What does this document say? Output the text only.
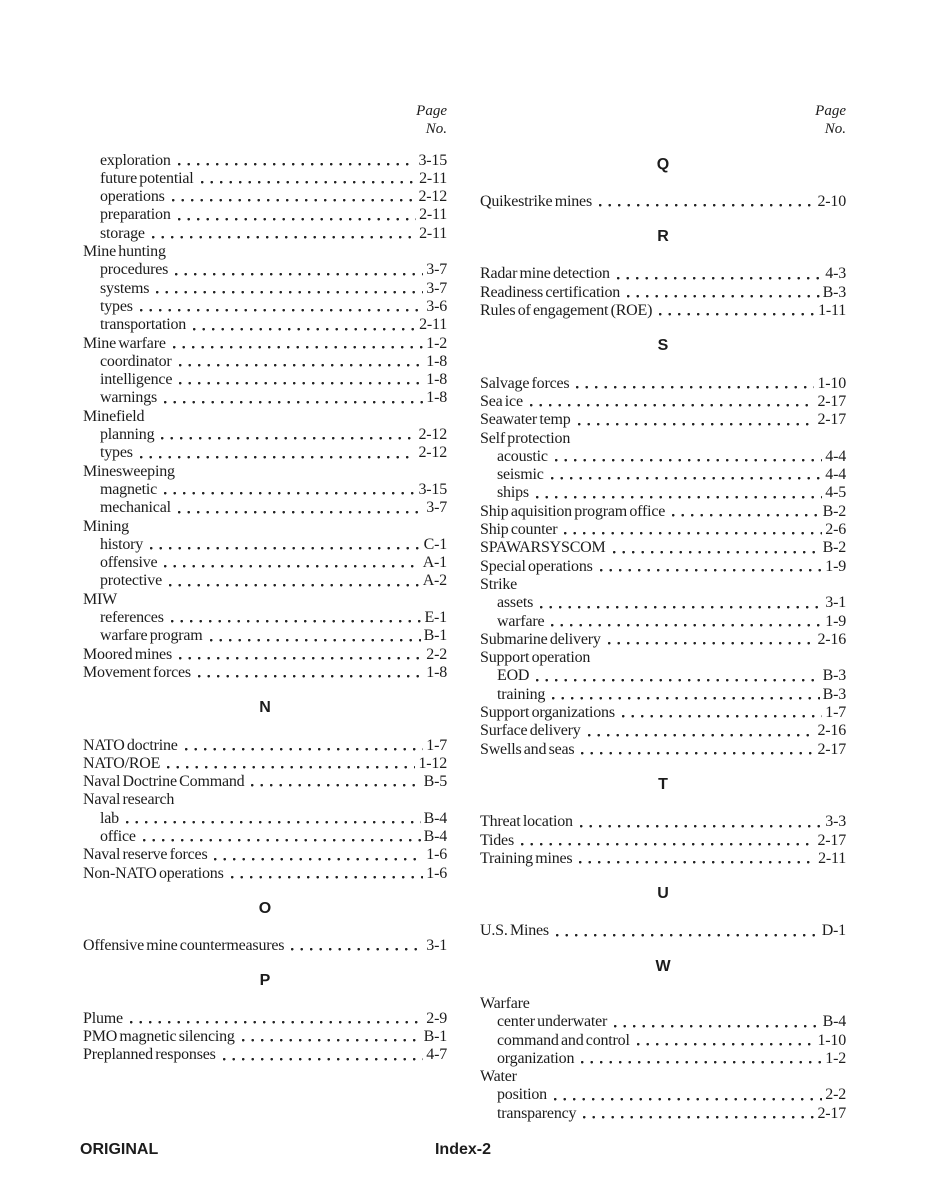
Page
No.
exploration	3-15
future potential	2-11
operations	2-12
preparation	2-11
storage	2-11
Mine hunting
procedures	3-7
systems	3-7
types	3-6
transportation	2-11
Mine warfare	1-2
coordinator	1-8
intelligence	1-8
warnings	1-8
Minefield
planning	2-12
types	2-12
Minesweeping
magnetic	3-15
mechanical	3-7
Mining
history	C-1
offensive	A-1
protective	A-2
MIW
references	E-1
warfare program	B-1
Moored mines	2-2
Movement forces	1-8
N
NATO doctrine	1-7
NATO/ROE	1-12
Naval Doctrine Command	B-5
Naval research
lab	B-4
office	B-4
Naval reserve forces	1-6
Non-NATO operations	1-6
O
Offensive mine countermeasures	3-1
P
Plume	2-9
PMO magnetic silencing	B-1
Preplanned responses	4-7
Page
No.
Q
Quikestrike mines	2-10
R
Radar mine detection	4-3
Readiness certification	B-3
Rules of engagement (ROE)	1-11
S
Salvage forces	1-10
Sea ice	2-17
Seawater temp	2-17
Self protection
acoustic	4-4
seismic	4-4
ships	4-5
Ship aquisition program office	B-2
Ship counter	2-6
SPAWARSYSCOM	B-2
Special operations	1-9
Strike
assets	3-1
warfare	1-9
Submarine delivery	2-16
Support operation
EOD	B-3
training	B-3
Support organizations	1-7
Surface delivery	2-16
Swells and seas	2-17
T
Threat location	3-3
Tides	2-17
Training mines	2-11
U
U.S. Mines	D-1
W
Warfare
center underwater	B-4
command and control	1-10
organization	1-2
Water
position	2-2
transparency	2-17
ORIGINAL	Index-2
